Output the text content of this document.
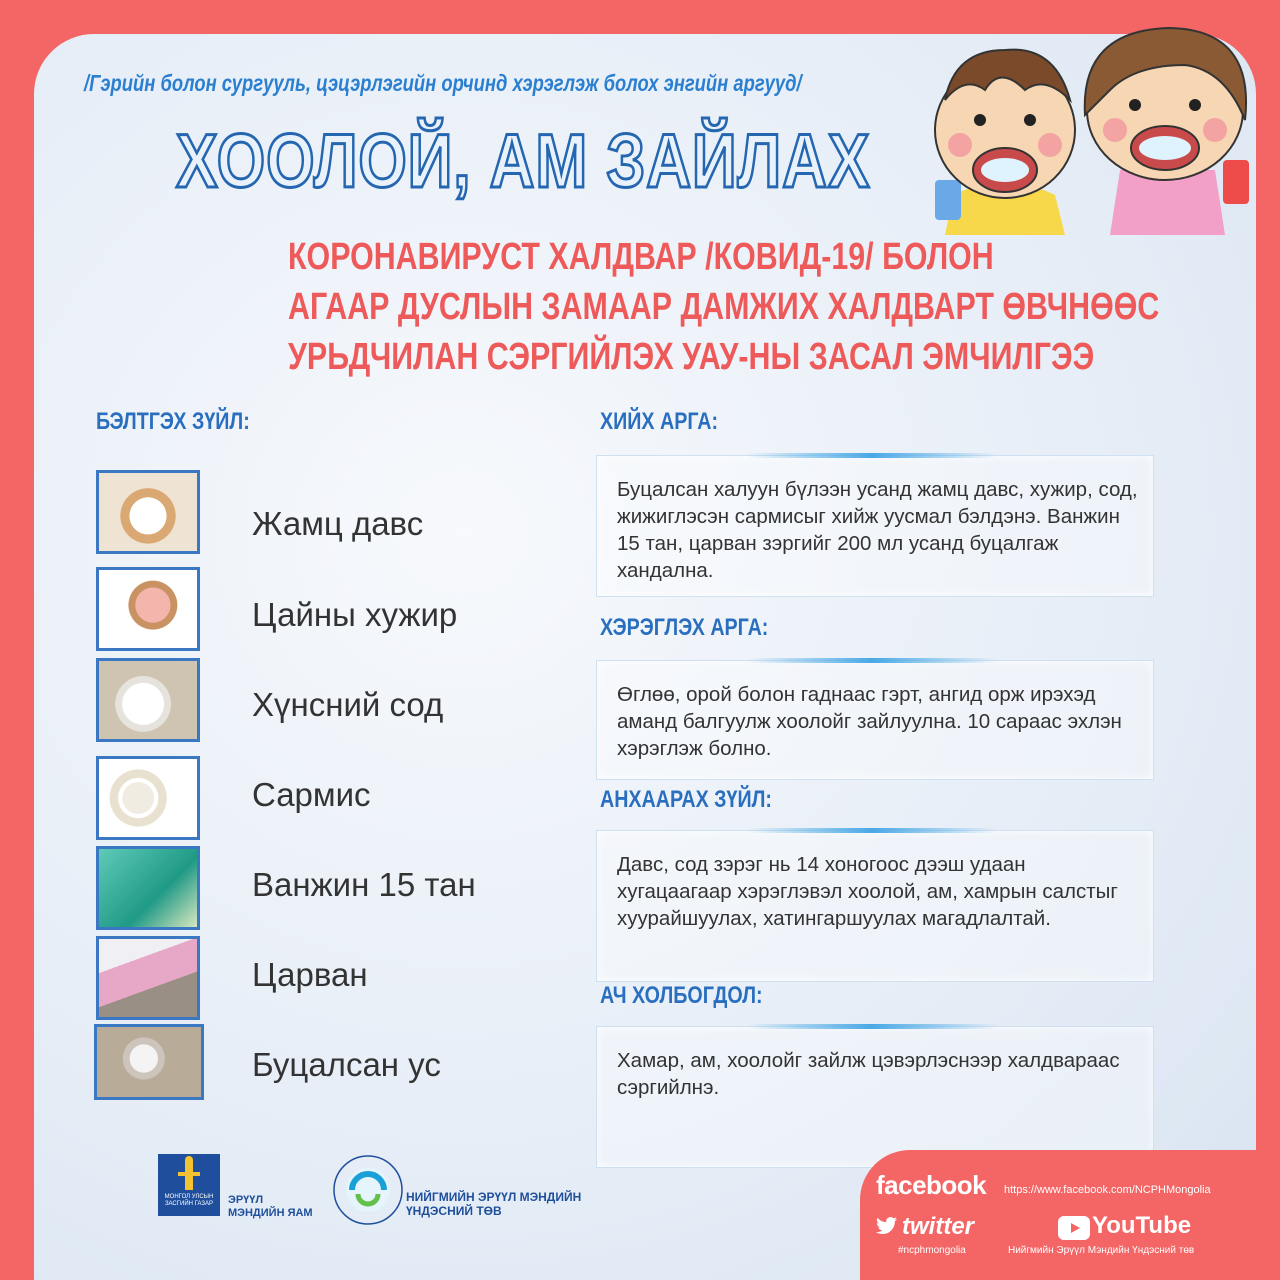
/Гэрийн болон сургууль, цэцэрлэгийн орчинд хэрэглэж болох энгийн аргууд/
ХООЛОЙ, АМ ЗАЙЛАХ
КОРОНАВИРУСТ ХАЛДВАР /КОВИД-19/ БОЛОН
АГААР ДУСЛЫН ЗАМААР ДАМЖИХ ХАЛДВАРТ ӨВЧНӨӨС
УРЬДЧИЛАН СЭРГИЙЛЭХ УАУ-НЫ ЗАСАЛ ЭМЧИЛГЭЭ
БЭЛТГЭХ ЗҮЙЛ:
Жамц давс
Цайны хужир
Хүнсний сод
Сармис
Ванжин 15 тан
Царван
Буцалсан ус
ХИЙХ АРГА:
Буцалсан халуун бүлээн усанд жамц давс, хужир, сод, жижиглэсэн сармисыг хийж уусмал бэлдэнэ. Ванжин 15 тан, царван зэргийг 200 мл усанд буцалгаж хандална.
ХЭРЭГЛЭХ АРГА:
Өглөө, орой болон гаднаас гэрт, ангид орж ирэхэд аманд балгуулж хоолойг зайлуулна. 10 сараас эхлэн хэрэглэж болно.
АНХААРАХ ЗҮЙЛ:
Давс, сод зэрэг нь 14 хоногоос дээш удаан хугацаагаар хэрэглэвэл хоолой, ам, хамрын салстыг хуурайшуулах, хатингаршуулах магадлалтай.
АЧ ХОЛБОГДОЛ:
Хамар, ам, хоолойг зайлж цэвэрлэснээр халдвараас сэргийлнэ.
МОНГОЛ УЛСЫН ЗАСГИЙН ГАЗАР	ЭРҮҮЛ
МЭНДИЙН ЯАМ
НИЙГМИЙН ЭРҮҮЛ МЭНДИЙН
ҮНДЭСНИЙ ТӨВ
facebook https://www.facebook.com/NCPHMongolia
twitter
#ncphmongolia
YouTube
Нийгмийн Эрүүл Мэндийн Үндэсний төв
